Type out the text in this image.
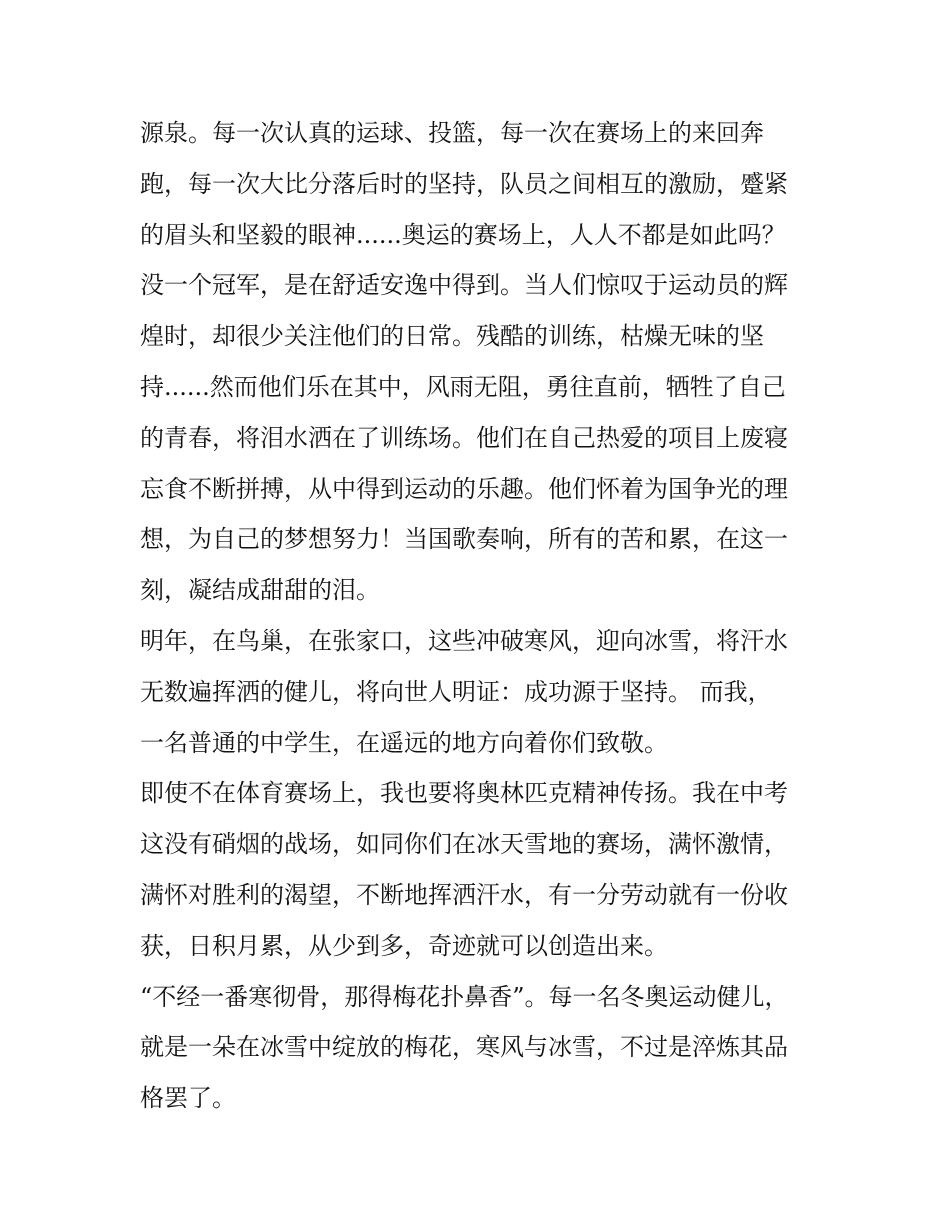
源泉。每一次认真的运球、投篮，每一次在赛场上的来回奔
跑，每一次大比分落后时的坚持，队员之间相互的激励，蹙紧
的眉头和坚毅的眼神......奥运的赛场上，人人不都是如此吗？
没一个冠军，是在舒适安逸中得到。当人们惊叹于运动员的辉
煌时，却很少关注他们的日常。残酷的训练，枯燥无味的坚
持......然而他们乐在其中，风雨无阻，勇往直前，牺牲了自己
的青春，将泪水洒在了训练场。他们在自己热爱的项目上废寝
忘食不断拼搏，从中得到运动的乐趣。他们怀着为国争光的理
想，为自己的梦想努力！当国歌奏响，所有的苦和累，在这一
刻，凝结成甜甜的泪。
明年，在鸟巢，在张家口，这些冲破寒风，迎向冰雪，将汗水
无数遍挥洒的健儿，将向世人明证：成功源于坚持。 而我，
一名普通的中学生，在遥远的地方向着你们致敬。
即使不在体育赛场上，我也要将奥林匹克精神传扬。我在中考
这没有硝烟的战场，如同你们在冰天雪地的赛场，满怀激情，
满怀对胜利的渴望，不断地挥洒汗水，有一分劳动就有一份收
获，日积月累，从少到多，奇迹就可以创造出来。
“不经一番寒彻骨，那得梅花扑鼻香”。每一名冬奥运动健儿，
就是一朵在冰雪中绽放的梅花，寒风与冰雪，不过是淬炼其品
格罢了。
